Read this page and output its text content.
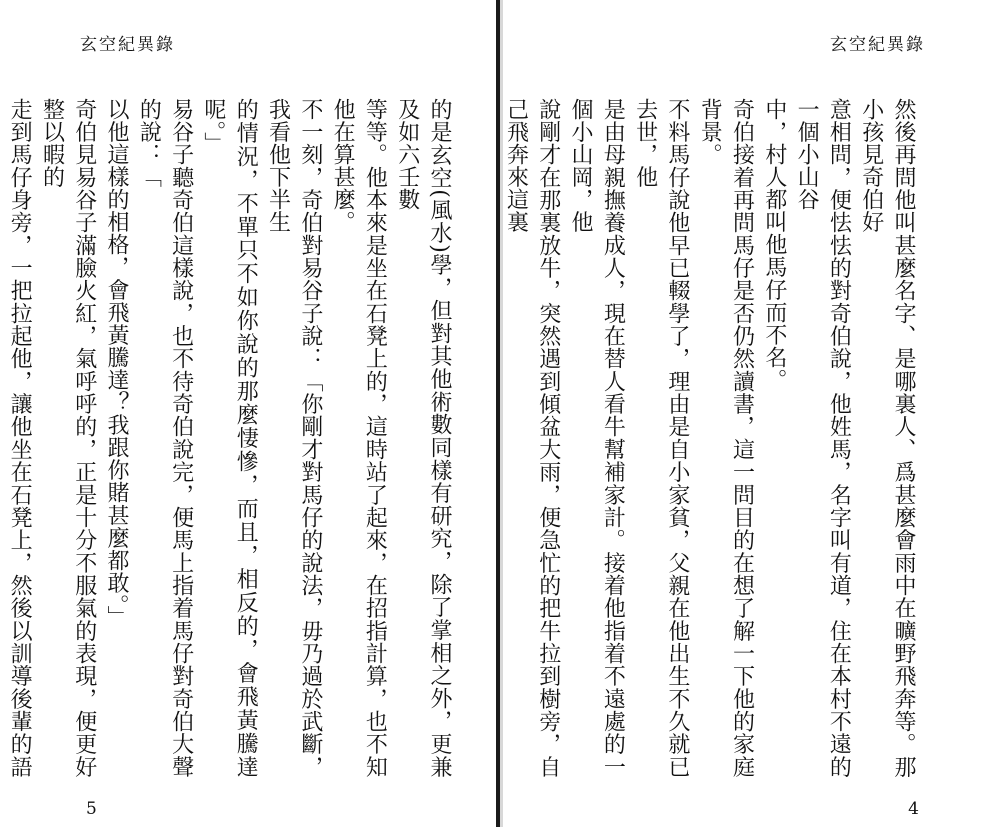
玄空紀異錄
的是玄空(風水)學，但對其他術數同樣有研究，除了掌相之外，更兼及如六壬數
等等。他本來是坐在石凳上的，這時站了起來，在招指計算，也不知他在算甚麼。
不一刻，奇伯對易谷子說：「你剛才對馬仔的說法，毋乃過於武斷，我看他下半生
的情況，不單只不如你說的那麼悽慘，而且，相反的，會飛黃騰達呢。」
易谷子聽奇伯這樣說，也不待奇伯說完，便馬上指着馬仔對奇伯大聲的說：「
以他這樣的相格，會飛黃騰達？我跟你賭甚麼都敢。」
奇伯見易谷子滿臉火紅，氣呼呼的，正是十分不服氣的表現，便更好整以暇的
走到馬仔身旁，一把拉起他，讓他坐在石凳上，然後以訓導後輩的語
5
玄空紀異錄
然後再問他叫甚麼名字、是哪裏人、爲甚麼會雨中在曠野飛奔等。那小孩見奇伯好
意相問，便怯怯的對奇伯說，他姓馬，名字叫有道，住在本村不遠的一個小山谷
中，村人都叫他馬仔而不名。
奇伯接着再問馬仔是否仍然讀書，這一問目的在想了解一下他的家庭背景。
不料馬仔說他早已輟學了，理由是自小家貧，父親在他出生不久就已去世，他
是由母親撫養成人，現在替人看牛幫補家計。接着他指着不遠處的一個小山岡，他
說剛才在那裏放牛，突然遇到傾盆大雨，便急忙的把牛拉到樹旁，自己飛奔來這裏
4
